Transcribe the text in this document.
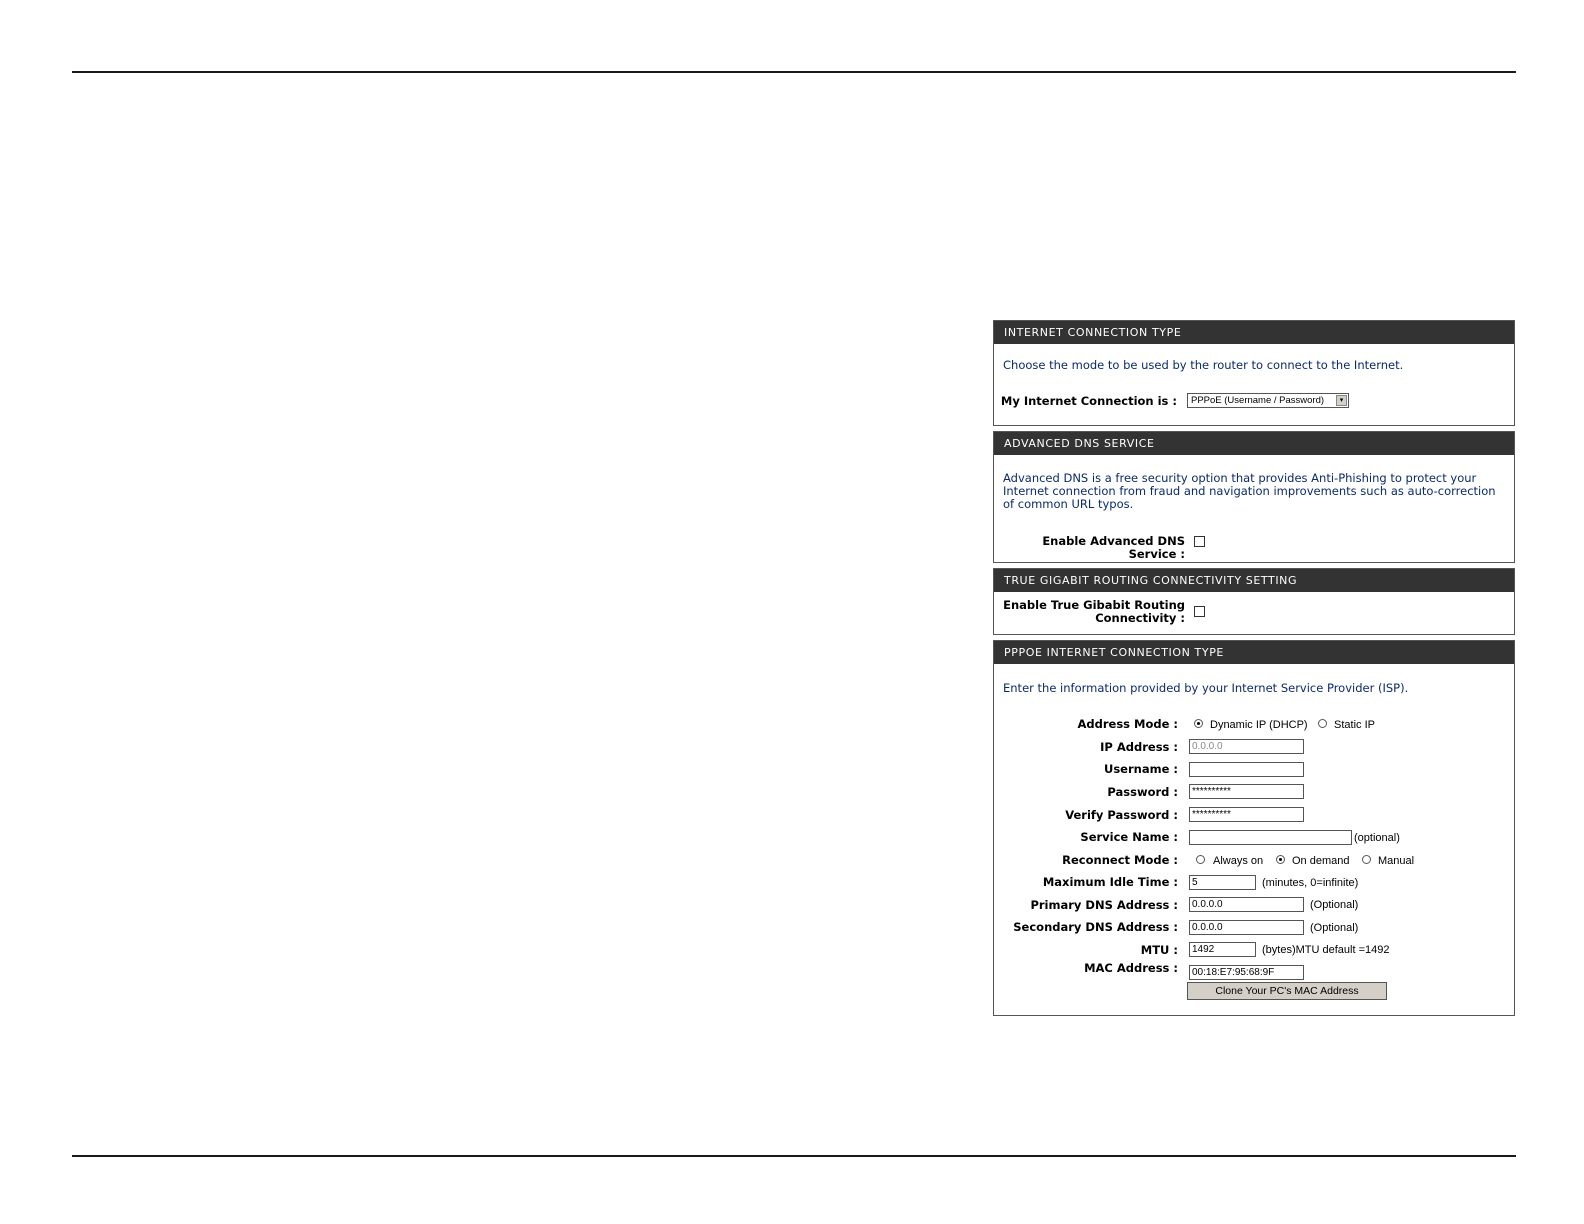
INTERNET CONNECTION TYPE
Choose the mode to be used by the router to connect to the Internet.
My Internet Connection is :	PPPoE (Username / Password)	▾
ADVANCED DNS SERVICE
Advanced DNS is a free security option that provides Anti-Phishing to protect your Internet connection from fraud and navigation improvements such as auto-correction of common URL typos.
Enable Advanced DNS Service :
TRUE GIGABIT ROUTING CONNECTIVITY SETTING
Enable True Gibabit Routing
Connectivity :
PPPOE INTERNET CONNECTION TYPE
Enter the information provided by your Internet Service Provider (ISP).
Address Mode :	Dynamic IP (DHCP) Static IP
IP Address :	0.0.0.0
Username :
Password :	**********
Verify Password :	**********
Service Name :	(optional)
Reconnect Mode :	Always on	On demand	Manual
Maximum Idle Time :	5	(minutes, 0=infinite)
Primary DNS Address :	0.0.0.0	(Optional)
Secondary DNS Address :	0.0.0.0	(Optional)
MTU :	1492	(bytes)MTU default =1492
MAC Address :	00:18:E7:95:68:9F
Clone Your PC's MAC Address
